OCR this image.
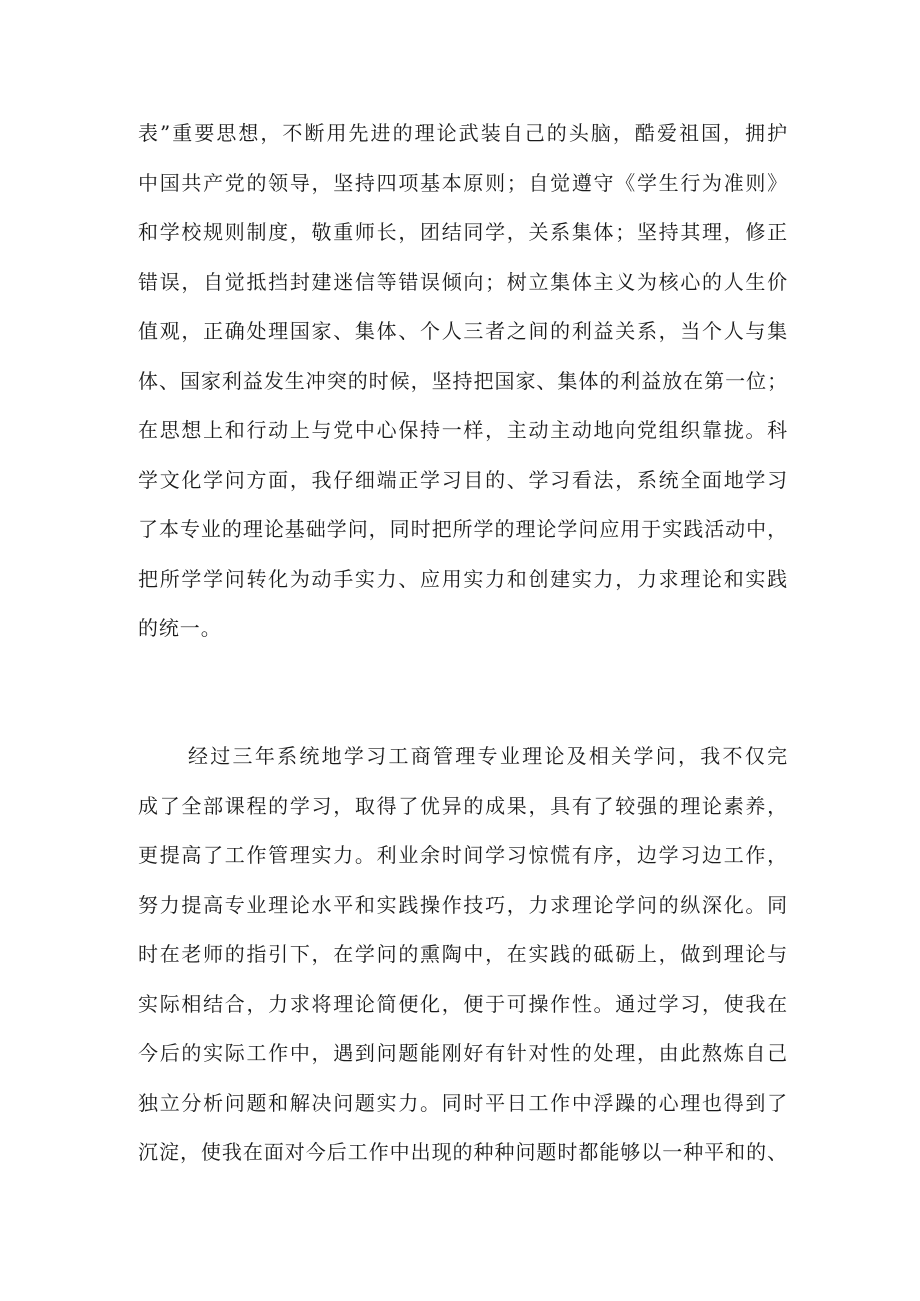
表”重要思想，不断用先进的理论武装自己的头脑，酷爱祖国，拥护
中国共产党的领导，坚持四项基本原则；自觉遵守《学生行为准则》
和学校规则制度，敬重师长，团结同学，关系集体；坚持其理，修正
错误，自觉抵挡封建迷信等错误倾向；树立集体主义为核心的人生价
值观，正确处理国家、集体、个人三者之间的利益关系，当个人与集
体、国家利益发生冲突的时候，坚持把国家、集体的利益放在第一位；
在思想上和行动上与党中心保持一样，主动主动地向党组织靠拢。科
学文化学问方面，我仔细端正学习目的、学习看法，系统全面地学习
了本专业的理论基础学问，同时把所学的理论学问应用于实践活动中，
把所学学问转化为动手实力、应用实力和创建实力，力求理论和实践
的统一。
经过三年系统地学习工商管理专业理论及相关学问，我不仅完
成了全部课程的学习，取得了优异的成果，具有了较强的理论素养，
更提高了工作管理实力。利业余时间学习惊慌有序，边学习边工作，
努力提高专业理论水平和实践操作技巧，力求理论学问的纵深化。同
时在老师的指引下，在学问的熏陶中，在实践的砥砺上，做到理论与
实际相结合，力求将理论简便化，便于可操作性。通过学习，使我在
今后的实际工作中，遇到问题能刚好有针对性的处理，由此熬炼自己
独立分析问题和解决问题实力。同时平日工作中浮躁的心理也得到了
沉淀，使我在面对今后工作中出现的种种问题时都能够以一种平和的、
